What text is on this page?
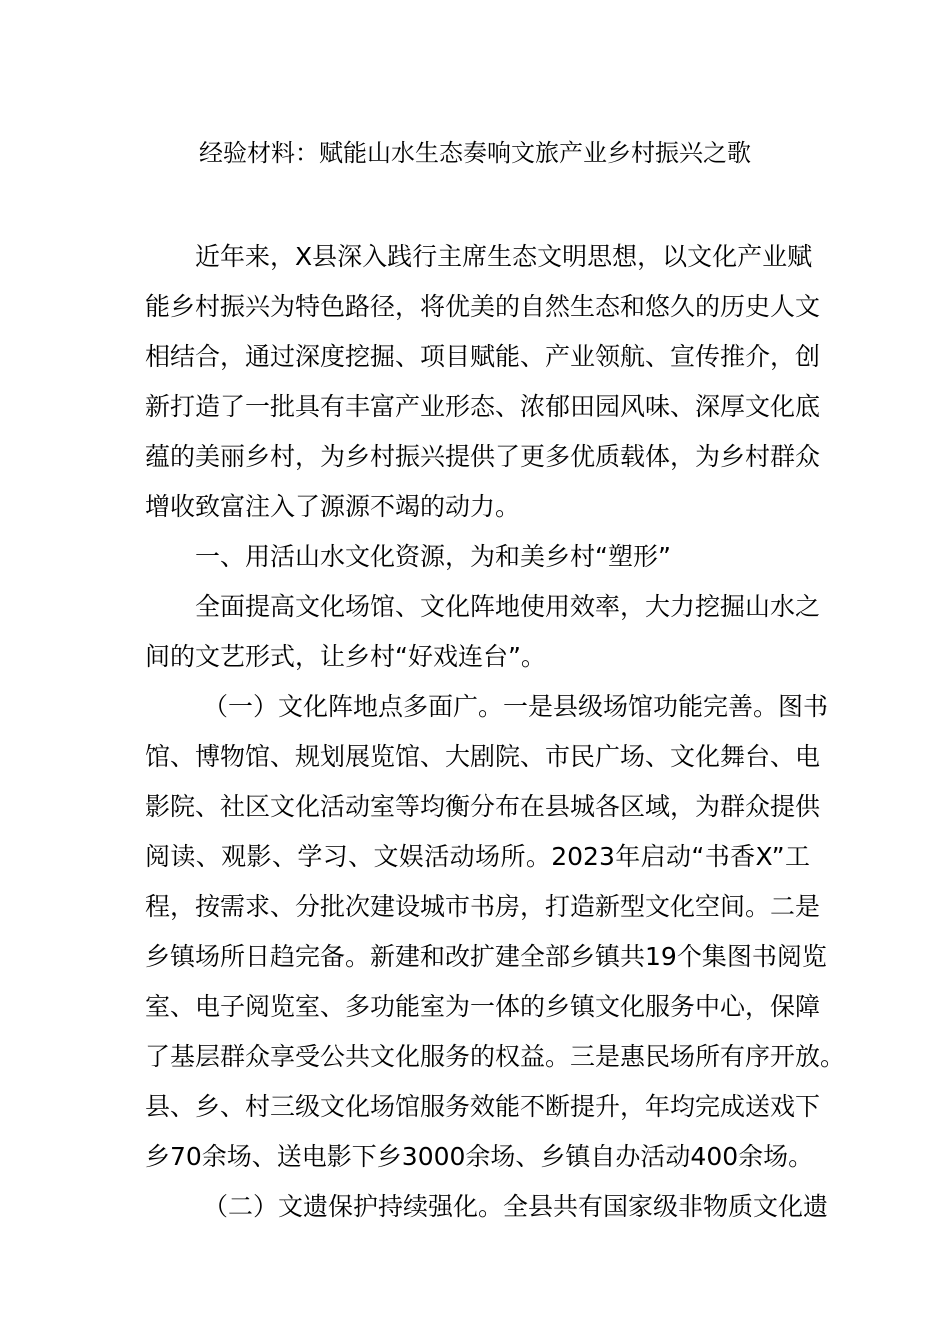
经验材料：赋能山水生态奏响文旅产业乡村振兴之歌
近年来，X县深入践行主席生态文明思想，以文化产业赋
能乡村振兴为特色路径，将优美的自然生态和悠久的历史人文
相结合，通过深度挖掘、项目赋能、产业领航、宣传推介，创
新打造了一批具有丰富产业形态、浓郁田园风味、深厚文化底
蕴的美丽乡村，为乡村振兴提供了更多优质载体，为乡村群众
增收致富注入了源源不竭的动力。
一、用活山水文化资源，为和美乡村“塑形”
全面提高文化场馆、文化阵地使用效率，大力挖掘山水之
间的文艺形式，让乡村“好戏连台”。
（一）文化阵地点多面广。一是县级场馆功能完善。图书
馆、博物馆、规划展览馆、大剧院、市民广场、文化舞台、电
影院、社区文化活动室等均衡分布在县城各区域，为群众提供
阅读、观影、学习、文娱活动场所。2023年启动“书香X”工
程，按需求、分批次建设城市书房，打造新型文化空间。二是
乡镇场所日趋完备。新建和改扩建全部乡镇共19个集图书阅览
室、电子阅览室、多功能室为一体的乡镇文化服务中心，保障
了基层群众享受公共文化服务的权益。三是惠民场所有序开放。
县、乡、村三级文化场馆服务效能不断提升，年均完成送戏下
乡70余场、送电影下乡3000余场、乡镇自办活动400余场。
（二）文遗保护持续强化。全县共有国家级非物质文化遗
